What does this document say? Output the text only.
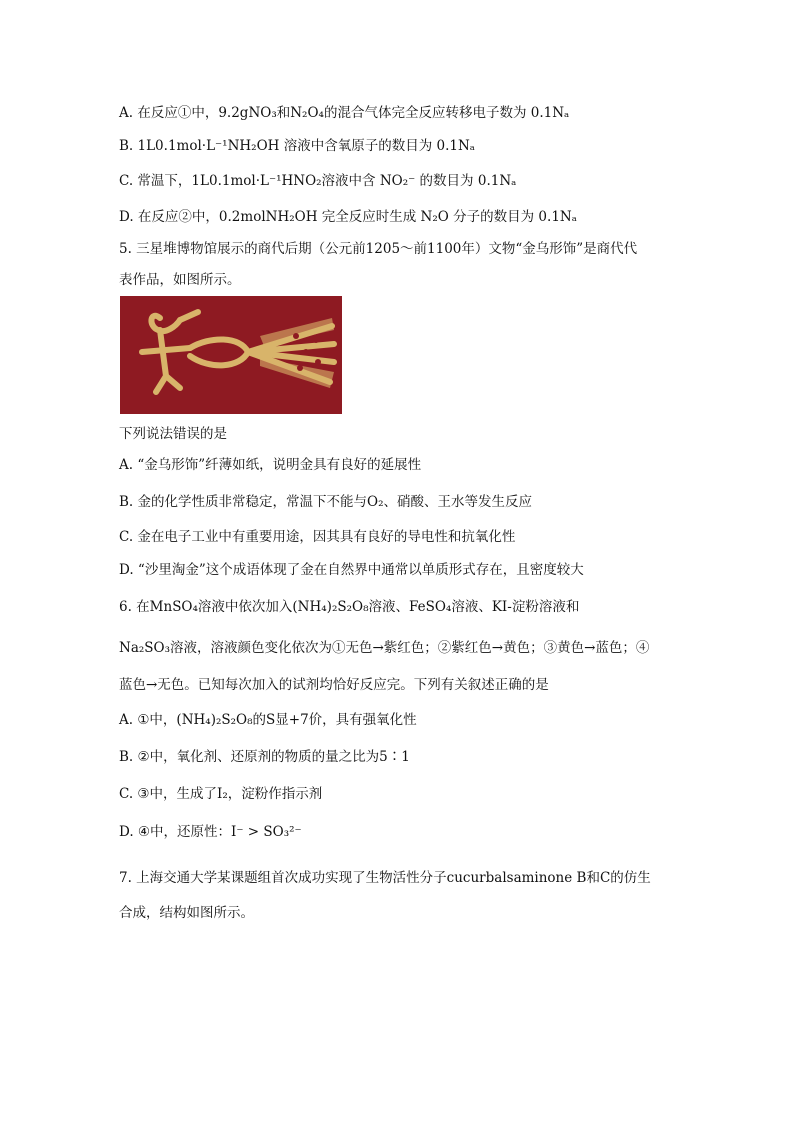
A. 在反应①中，9.2gNO₃和N₂O₄的混合气体完全反应转移电子数为 0.1Nₐ
B. 1L0.1mol·L⁻¹NH₂OH 溶液中含氧原子的数目为 0.1Nₐ
C. 常温下，1L0.1mol·L⁻¹HNO₂溶液中含 NO₂⁻ 的数目为 0.1Nₐ
D. 在反应②中，0.2molNH₂OH 完全反应时生成 N₂O 分子的数目为 0.1Nₐ
5. 三星堆博物馆展示的商代后期（公元前1205～前1100年）文物“金乌形饰”是商代代
表作品，如图所示。
下列说法错误的是
A. “金乌形饰”纤薄如纸，说明金具有良好的延展性
B. 金的化学性质非常稳定，常温下不能与O₂、硝酸、王水等发生反应
C. 金在电子工业中有重要用途，因其具有良好的导电性和抗氧化性
D. “沙里淘金”这个成语体现了金在自然界中通常以单质形式存在，且密度较大
6. 在MnSO₄溶液中依次加入(NH₄)₂S₂O₈溶液、FeSO₄溶液、KI-淀粉溶液和
Na₂SO₃溶液，溶液颜色变化依次为①无色→紫红色；②紫红色→黄色；③黄色→蓝色；④
蓝色→无色。已知每次加入的试剂均恰好反应完。下列有关叙述正确的是
A. ①中，(NH₄)₂S₂O₈的S显+7价，具有强氧化性
B. ②中，氧化剂、还原剂的物质的量之比为5∶1
C. ③中，生成了I₂，淀粉作指示剂
D. ④中，还原性：I⁻ > SO₃²⁻
7. 上海交通大学某课题组首次成功实现了生物活性分子cucurbalsaminone B和C的仿生
合成，结构如图所示。
